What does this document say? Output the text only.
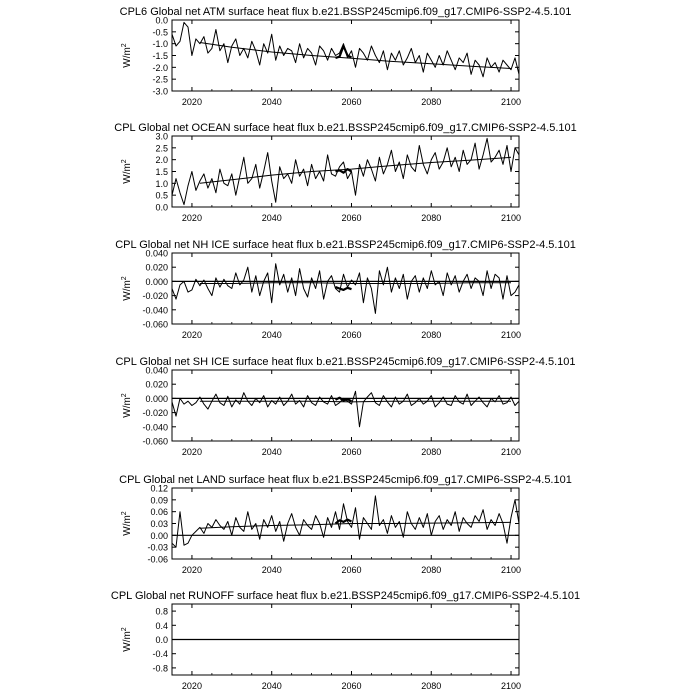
CPL6 Global net ATM surface heat flux b.e21.BSSP245cmip6.f09_g17.CMIP6-SSP2-4.5.101
$W/m^2$
0.0
-0.5
-1.0
-1.5
-2.0
-2.5
-3.0
2020	2040	2060	2080	2100
CPL Global net OCEAN surface heat flux b.e21.BSSP245cmip6.f09_g17.CMIP6-SSP2-4.5.101
$W/m^2$
0.0
0.5
1.0
1.5
2.0
2.5
3.0
2020	2040	2060	2080	2100
CPL Global net NH ICE surface heat flux b.e21.BSSP245cmip6.f09_g17.CMIP6-SSP2-4.5.101
$W/m^2$
0.040
0.020
0.000
-0.020
-0.040
-0.060
2020	2040	2060	2080	2100
CPL Global net SH ICE surface heat flux b.e21.BSSP245cmip6.f09_g17.CMIP6-SSP2-4.5.101
$W/m^2$
0.040
0.020
0.000
-0.020
-0.040
-0.060
2020	2040	2060	2080	2100
CPL Global net LAND surface heat flux b.e21.BSSP245cmip6.f09_g17.CMIP6-SSP2-4.5.101
$W/m^2$
0.12
0.09
0.06
0.03
0.00
-0.03
-0.06
2020	2040	2060	2080	2100
CPL Global net RUNOFF surface heat flux b.e21.BSSP245cmip6.f09_g17.CMIP6-SSP2-4.5.101
$W/m^2$
0.8
0.4
0.0
-0.4
-0.8
2020	2040	2060	2080	2100
